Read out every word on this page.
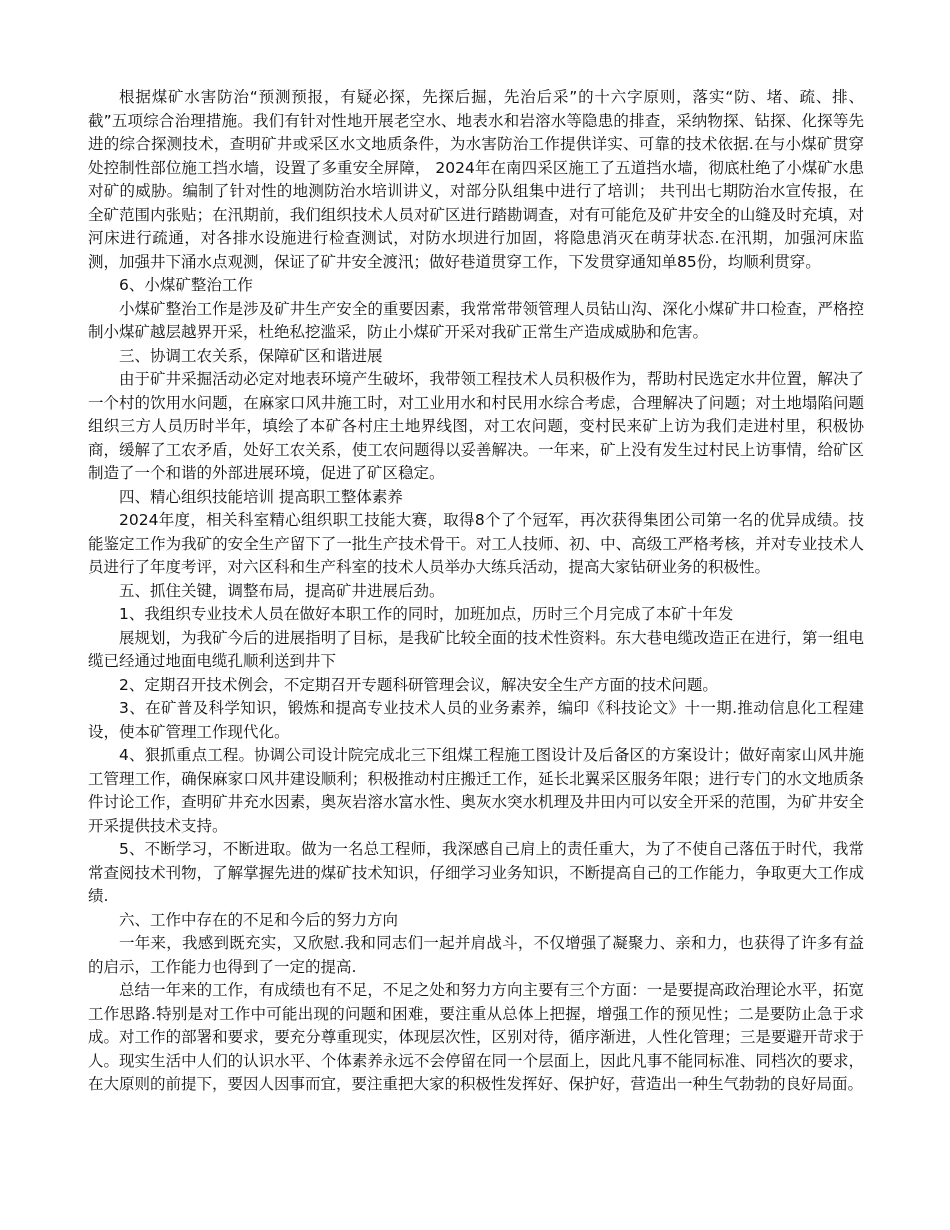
根据煤矿水害防治“预测预报，有疑必探，先探后掘，先治后采”的十六字原则，落实“防、堵、疏、排、截”五项综合治理措施。我们有针对性地开展老空水、地表水和岩溶水等隐患的排查，采纳物探、钻探、化探等先进的综合探测技术，查明矿井或采区水文地质条件，为水害防治工作提供详实、可靠的技术依据.在与小煤矿贯穿处控制性部位施工挡水墙，设置了多重安全屏障， 2024年在南四采区施工了五道挡水墙，彻底杜绝了小煤矿水患对矿的威胁。编制了针对性的地测防治水培训讲义，对部分队组集中进行了培训； 共刊出七期防治水宣传报，在全矿范围内张贴；在汛期前，我们组织技术人员对矿区进行踏勘调查，对有可能危及矿井安全的山缝及时充填，对河床进行疏通，对各排水设施进行检查测试，对防水坝进行加固，将隐患消灭在萌芽状态.在汛期，加强河床监测，加强井下涌水点观测，保证了矿井安全渡汛；做好巷道贯穿工作，下发贯穿通知单85份，均顺利贯穿。

6、小煤矿整治工作

小煤矿整治工作是涉及矿井生产安全的重要因素，我常常带领管理人员钻山沟、深化小煤矿井口检查，严格控制小煤矿越层越界开采，杜绝私挖滥采，防止小煤矿开采对我矿正常生产造成威胁和危害。

三、协调工农关系，保障矿区和谐进展

由于矿井采掘活动必定对地表环境产生破坏，我带领工程技术人员积极作为，帮助村民选定水井位置，解决了一个村的饮用水问题，在麻家口风井施工时，对工业用水和村民用水综合考虑，合理解决了问题；对土地塌陷问题组织三方人员历时半年，填绘了本矿各村庄土地界线图，对工农问题，变村民来矿上访为我们走进村里，积极协商，缓解了工农矛盾，处好工农关系，使工农问题得以妥善解决。一年来，矿上没有发生过村民上访事情，给矿区制造了一个和谐的外部进展环境，促进了矿区稳定。

四、精心组织技能培训 提高职工整体素养

2024年度，相关科室精心组织职工技能大赛，取得8个了个冠军，再次获得集团公司第一名的优异成绩。技能鉴定工作为我矿的安全生产留下了一批生产技术骨干。对工人技师、初、中、高级工严格考核，并对专业技术人员进行了年度考评，对六区科和生产科室的技术人员举办大练兵活动，提高大家钻研业务的积极性。

五、抓住关键，调整布局，提高矿井进展后劲。

1、我组织专业技术人员在做好本职工作的同时，加班加点，历时三个月完成了本矿十年发

展规划，为我矿今后的进展指明了目标，是我矿比较全面的技术性资料。东大巷电缆改造正在进行，第一组电缆已经通过地面电缆孔顺利送到井下

2、定期召开技术例会，不定期召开专题科研管理会议，解决安全生产方面的技术问题。

3、在矿普及科学知识，锻炼和提高专业技术人员的业务素养，编印《科技论文》十一期.推动信息化工程建设，使本矿管理工作现代化。

4、狠抓重点工程。协调公司设计院完成北三下组煤工程施工图设计及后备区的方案设计；做好南家山风井施工管理工作，确保麻家口风井建设顺利；积极推动村庄搬迁工作，延长北翼采区服务年限；进行专门的水文地质条件讨论工作，查明矿井充水因素，奥灰岩溶水富水性、奥灰水突水机理及井田内可以安全开采的范围，为矿井安全开采提供技术支持。

5、不断学习，不断进取。做为一名总工程师，我深感自己肩上的责任重大，为了不使自己落伍于时代，我常常查阅技术刊物，了解掌握先进的煤矿技术知识，仔细学习业务知识，不断提高自己的工作能力，争取更大工作成绩.

六、工作中存在的不足和今后的努力方向

一年来，我感到既充实，又欣慰.我和同志们一起并肩战斗，不仅增强了凝聚力、亲和力，也获得了许多有益的启示，工作能力也得到了一定的提高.

总结一年来的工作，有成绩也有不足，不足之处和努力方向主要有三个方面：一是要提高政治理论水平，拓宽工作思路.特别是对工作中可能出现的问题和困难，要注重从总体上把握，增强工作的预见性；二是要防止急于求成。对工作的部署和要求，要充分尊重现实，体现层次性，区别对待，循序渐进，人性化管理；三是要避开苛求于人。现实生活中人们的认识水平、个体素养永远不会停留在同一个层面上，因此凡事不能同标准、同档次的要求，在大原则的前提下，要因人因事而宜，要注重把大家的积极性发挥好、保护好，营造出一种生气勃勃的良好局面。
